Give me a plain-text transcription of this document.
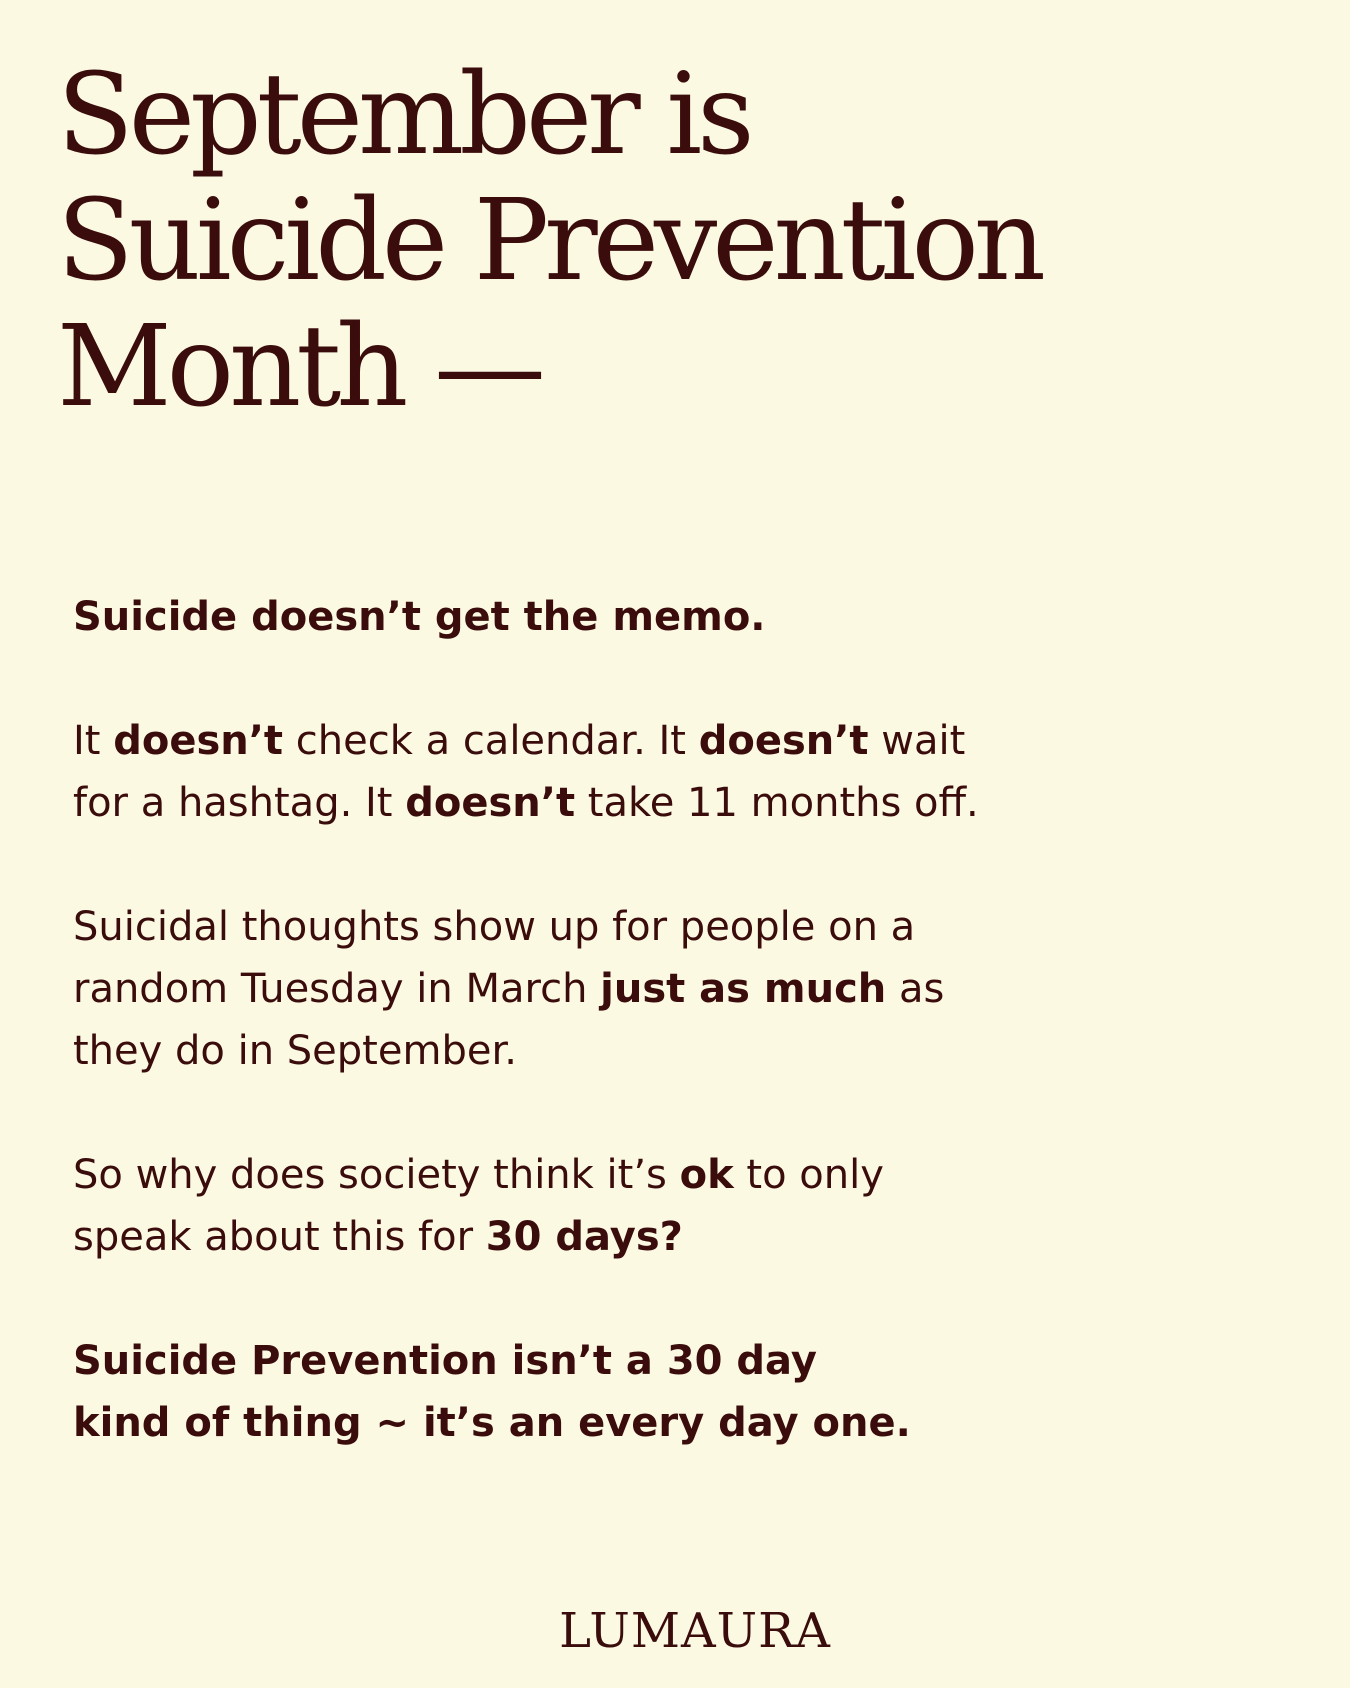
September is
Suicide Prevention
Month —

Suicide doesn’t get the memo.

It doesn’t check a calendar. It doesn’t wait
for a hashtag. It doesn’t take 11 months off.

Suicidal thoughts show up for people on a
random Tuesday in March just as much as
they do in September.

So why does society think it’s ok to only
speak about this for 30 days?

Suicide Prevention isn’t a 30 day
kind of thing ~ it’s an every day one.

LUMAURA
